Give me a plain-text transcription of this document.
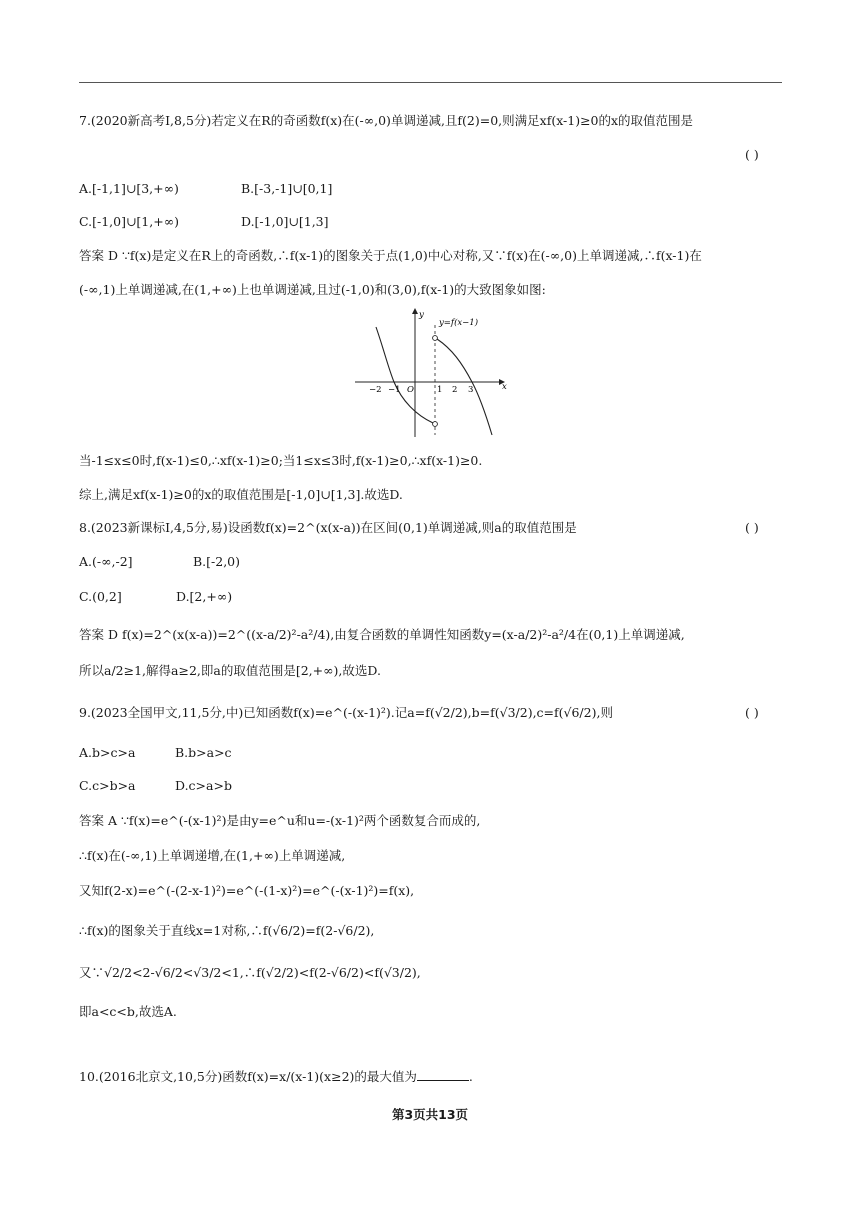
7.(2020新高考Ⅰ,8,5分)若定义在R的奇函数f(x)在(-∞,0)单调递减,且f(2)=0,则满足xf(x-1)≥0的x的取值范围是
( )
A.[-1,1]∪[3,+∞)	B.[-3,-1]∪[0,1]
C.[-1,0]∪[1,+∞)	D.[-1,0]∪[1,3]
答案 D ∵f(x)是定义在R上的奇函数,∴f(x-1)的图象关于点(1,0)中心对称,又∵f(x)在(-∞,0)上单调递减,∴f(x-1)在
(-∞,1)上单调递减,在(1,+∞)上也单调递减,且过(-1,0)和(3,0),f(x-1)的大致图象如图:
y=f(x−1)
x
y
O
−2 −1	1 2 3
当-1≤x≤0时,f(x-1)≤0,∴xf(x-1)≥0;当1≤x≤3时,f(x-1)≥0,∴xf(x-1)≥0.
综上,满足xf(x-1)≥0的x的取值范围是[-1,0]∪[1,3].故选D.
8.(2023新课标Ⅰ,4,5分,易)设函数f(x)=2^(x(x-a))在区间(0,1)单调递减,则a的取值范围是	( )
A.(-∞,-2]	B.[-2,0)
C.(0,2]	D.[2,+∞)
答案 D f(x)=2^(x(x-a))=2^((x-a/2)²-a²/4),由复合函数的单调性知函数y=(x-a/2)²-a²/4在(0,1)上单调递减,
所以a/2≥1,解得a≥2,即a的取值范围是[2,+∞),故选D.
9.(2023全国甲文,11,5分,中)已知函数f(x)=e^(-(x-1)²).记a=f(√2/2),b=f(√3/2),c=f(√6/2),则	( )
A.b>c>a	B.b>a>c
C.c>b>a	D.c>a>b
答案 A ∵f(x)=e^(-(x-1)²)是由y=e^u和u=-(x-1)²两个函数复合而成的,
∴f(x)在(-∞,1)上单调递增,在(1,+∞)上单调递减,
又知f(2-x)=e^(-(2-x-1)²)=e^(-(1-x)²)=e^(-(x-1)²)=f(x),
∴f(x)的图象关于直线x=1对称,∴f(√6/2)=f(2-√6/2),
又∵√2/2<2-√6/2<√3/2<1,∴f(√2/2)<f(2-√6/2)<f(√3/2),
即a<c<b,故选A.
10.(2016北京文,10,5分)函数f(x)=x/(x-1)(x≥2)的最大值为	.
第3页共13页
